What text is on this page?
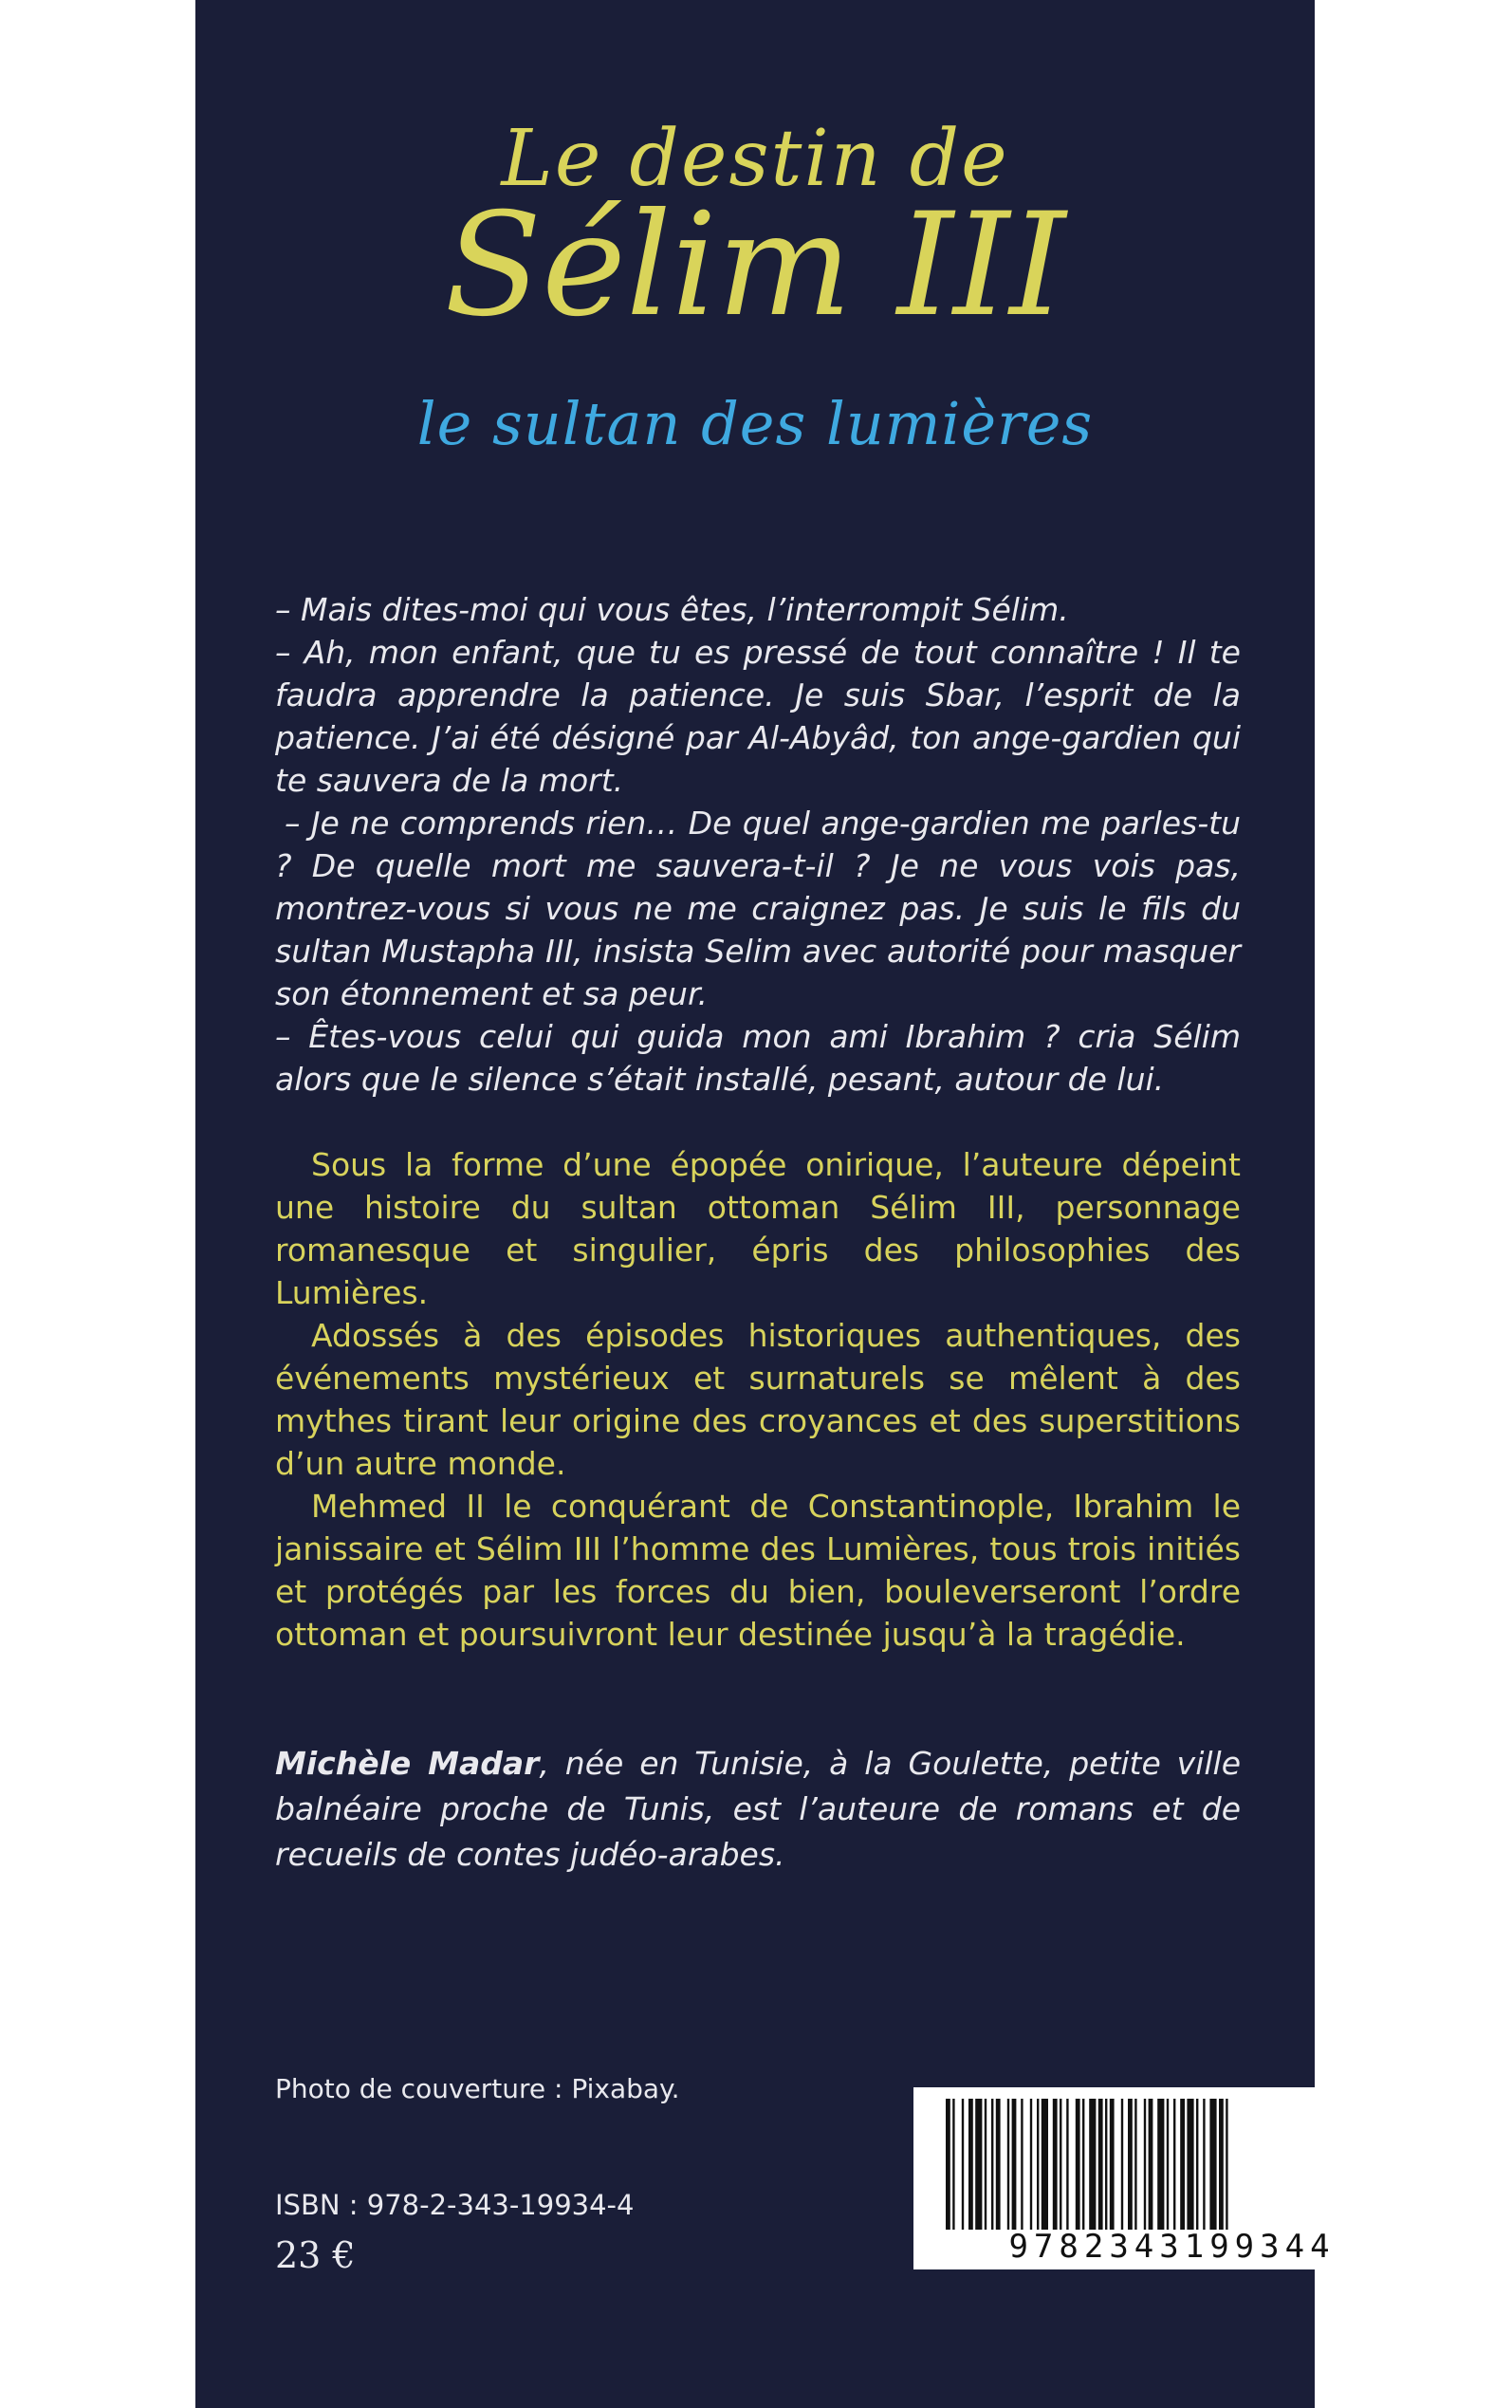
Le destin de
Sélim III
le sultan des lumières

– Mais dites-moi qui vous êtes, l’interrompit Sélim.

– Ah, mon enfant, que tu es pressé de tout connaître ! Il te faudra apprendre la patience. Je suis Sbar, l’esprit de la patience. J’ai été désigné par Al-Abyâd, ton ange-gardien qui te sauvera de la mort.

– Je ne comprends rien… De quel ange-gardien me parles-tu ? De quelle mort me sauvera-t-il ? Je ne vous vois pas, montrez-vous si vous ne me craignez pas. Je suis le fils du sultan Mustapha III, insista Selim avec autorité pour masquer son étonnement et sa peur.

– Êtes-vous celui qui guida mon ami Ibrahim ? cria Sélim alors que le silence s’était installé, pesant, autour de lui.

Sous la forme d’une épopée onirique, l’auteure dépeint une histoire du sultan ottoman Sélim III, personnage romanesque et singulier, épris des philosophies des Lumières.

Adossés à des épisodes historiques authentiques, des événements mystérieux et surnaturels se mêlent à des mythes tirant leur origine des croyances et des superstitions d’un autre monde.

Mehmed II le conquérant de Constantinople, Ibrahim le janissaire et Sélim III l’homme des Lumières, tous trois initiés et protégés par les forces du bien, bouleverseront l’ordre ottoman et poursuivront leur destinée jusqu’à la tragédie.

Michèle Madar, née en Tunisie, à la Goulette, petite ville balnéaire proche de Tunis, est l’auteure de romans et de recueils de contes judéo-arabes.

Photo de couverture : Pixabay.
ISBN : 978-2-343-19934-4
23 €	9782343199344
